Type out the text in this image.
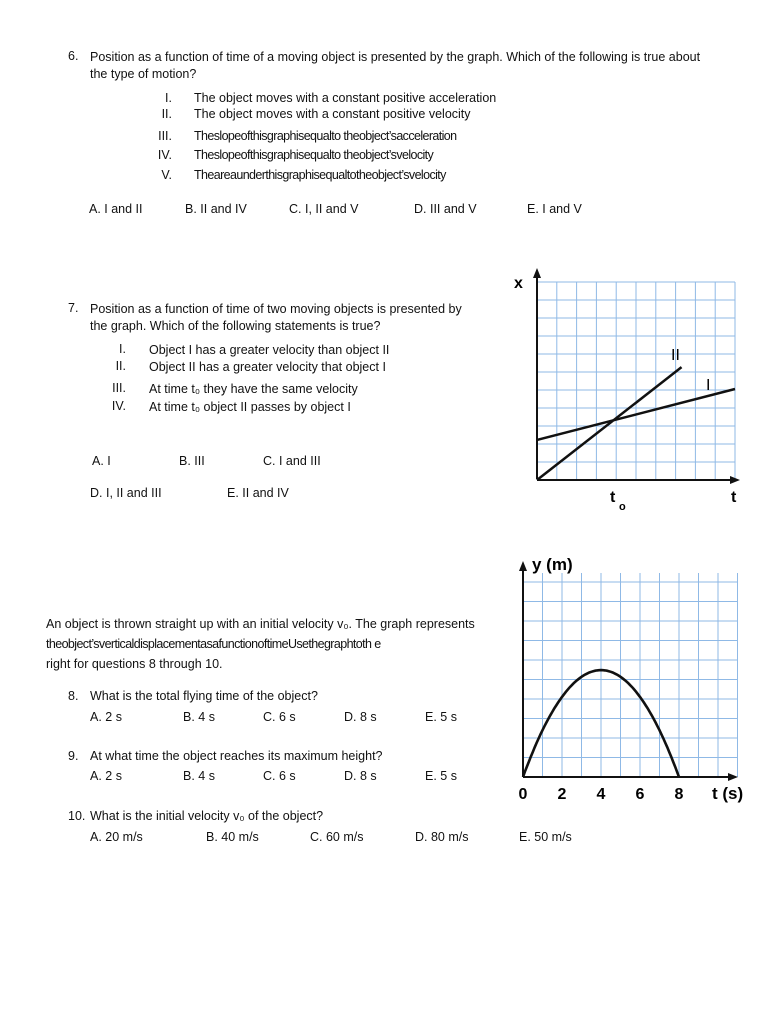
6. Position as a function of time of a moving object is presented by the graph. Which of the following is true about
the type of motion?
I. The object moves with a constant positive acceleration
II. The object moves with a constant positive velocity
III. Theslopeofthisgraphisequalto theobject’sacceleration
IV. Theslopeofthisgraphisequalto theobject’svelocity
V. Theareaunderthisgraphisequaltotheobject’svelocity
A. I and II	B. II and IV	C. I, II and V	D. III and V	E. I and V
7. Position as a function of time of two moving objects is presented by
the graph. Which of the following statements is true?
I. Object I has a greater velocity than object II
II. Object II has a greater velocity that object I
III. At time t₀ they have the same velocity
IV. At time t₀ object II passes by object I
A. I	B. III	C. I and III
D. I, II and III	E. II and IV
x
t
t
o
II
I
An object is thrown straight up with an initial velocity v₀. The graph represents
theobject’sverticaldisplacementasafunctionoftimeUsethegraphtoth e
right for questions 8 through 10.
8. What is the total flying time of the object?
A. 2 s	B. 4 s	C. 6 s	D. 8 s	E. 5 s
9. At what time the object reaches its maximum height?
A. 2 s	B. 4 s	C. 6 s	D. 8 s	E. 5 s
10. What is the initial velocity v₀ of the object?
A. 20 m/s	B. 40 m/s	C. 60 m/s	D. 80 m/s	E. 50 m/s
y (m)
t (s)
0 2 4 6 8
